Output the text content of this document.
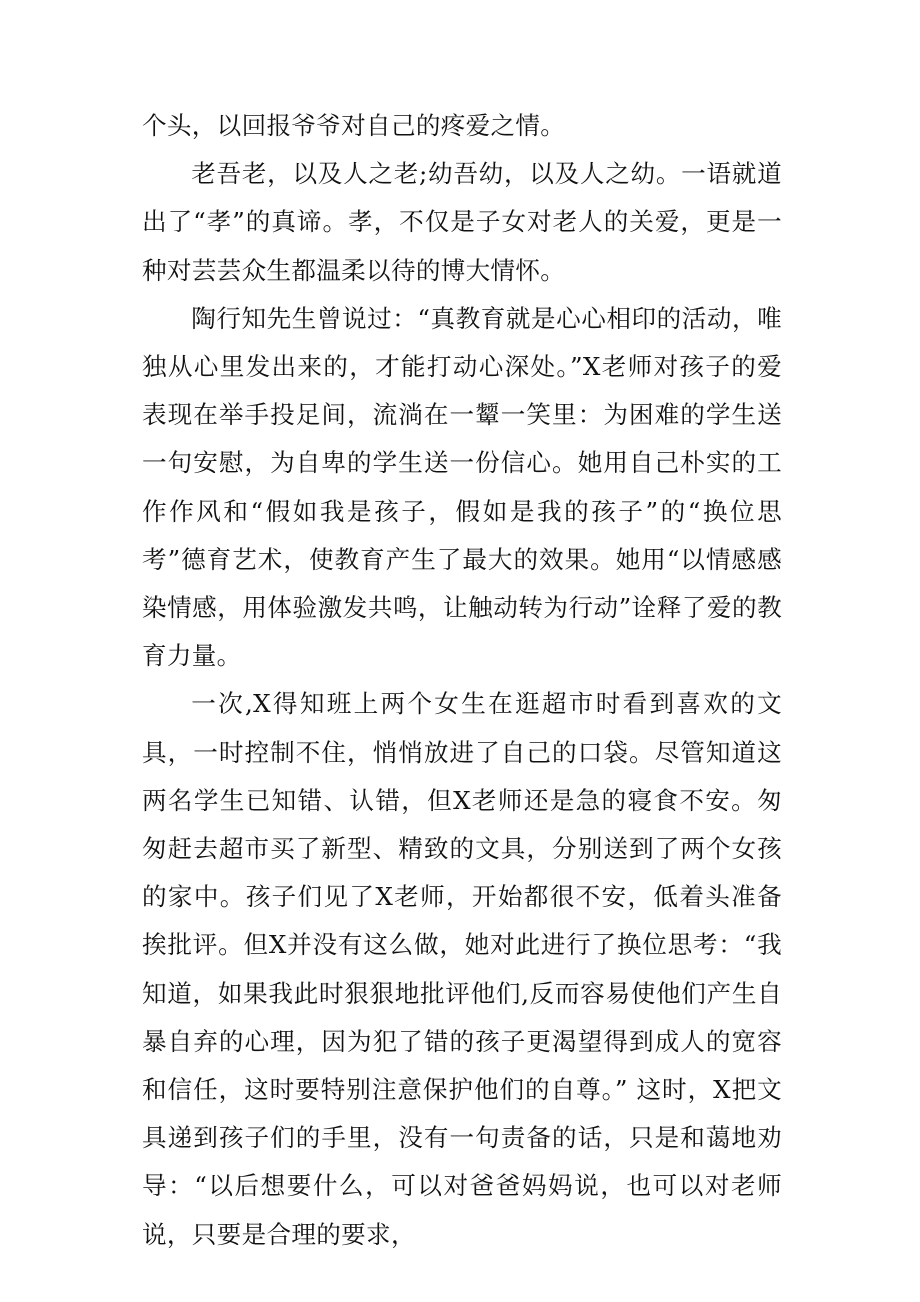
个头，以回报爷爷对自己的疼爱之情。

老吾老，以及人之老;幼吾幼，以及人之幼。一语就道出了“孝”的真谛。孝，不仅是子女对老人的关爱，更是一种对芸芸众生都温柔以待的博大情怀。

陶行知先生曾说过：“真教育就是心心相印的活动，唯独从心里发出来的，才能打动心深处。”X老师对孩子的爱表现在举手投足间，流淌在一颦一笑里：为困难的学生送一句安慰，为自卑的学生送一份信心。她用自己朴实的工作作风和“假如我是孩子，假如是我的孩子”的“换位思考”德育艺术，使教育产生了最大的效果。她用“以情感感染情感，用体验激发共鸣，让触动转为行动”诠释了爱的教育力量。

一次,X得知班上两个女生在逛超市时看到喜欢的文具，一时控制不住，悄悄放进了自己的口袋。尽管知道这两名学生已知错、认错，但X老师还是急的寝食不安。匆匆赶去超市买了新型、精致的文具，分别送到了两个女孩的家中。孩子们见了X老师，开始都很不安，低着头准备挨批评。但X并没有这么做，她对此进行了换位思考：“我知道，如果我此时狠狠地批评他们,反而容易使他们产生自暴自弃的心理，因为犯了错的孩子更渴望得到成人的宽容和信任，这时要特别注意保护他们的自尊。” 这时，X把文具递到孩子们的手里，没有一句责备的话，只是和蔼地劝导：“以后想要什么，可以对爸爸妈妈说，也可以对老师说，只要是合理的要求，
